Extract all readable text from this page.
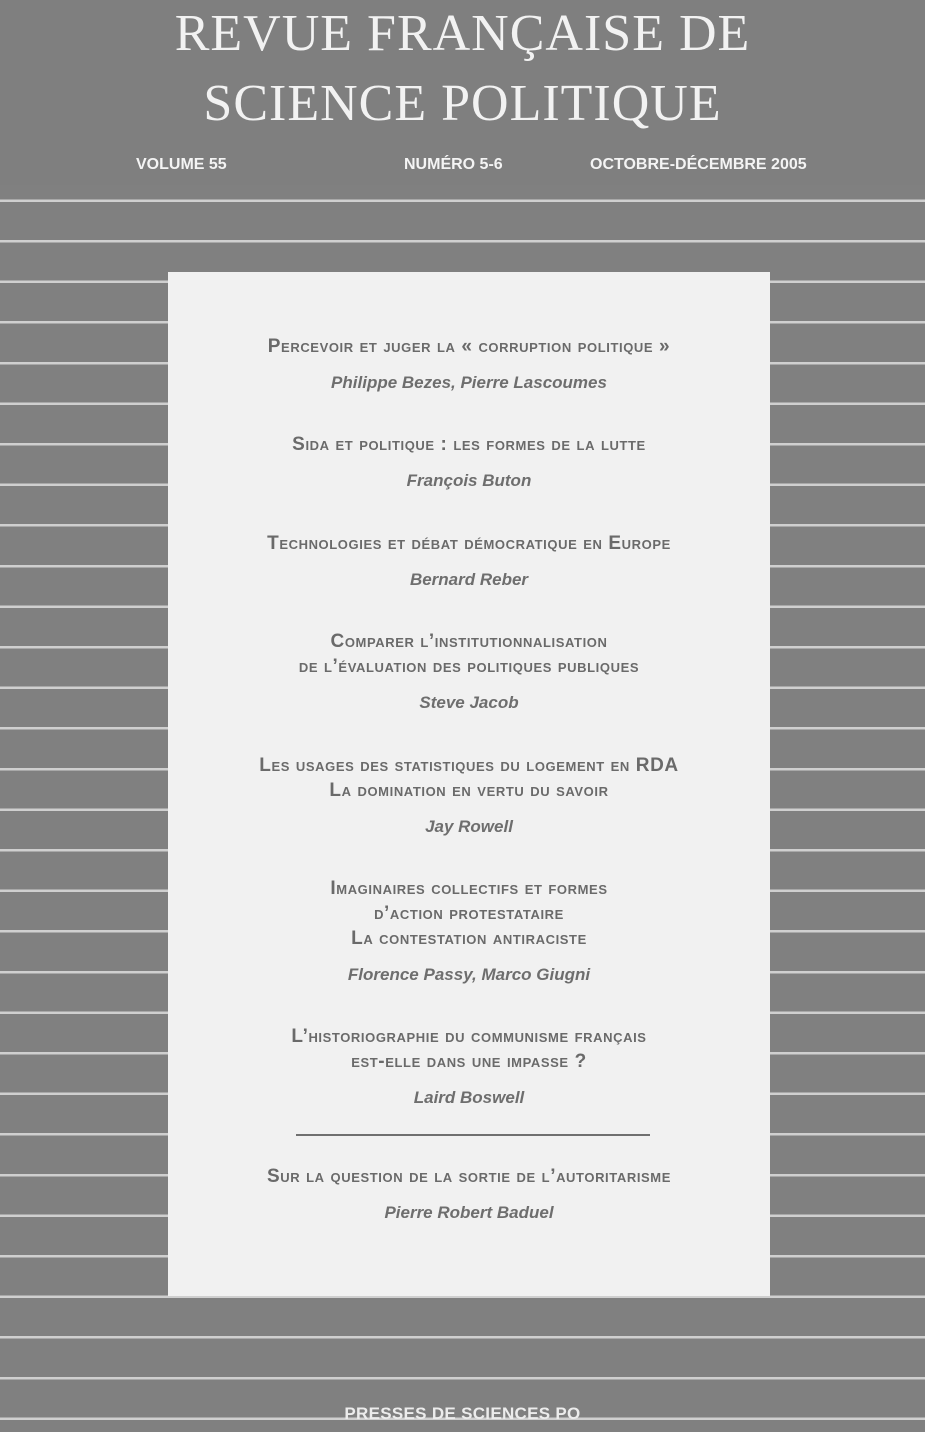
REVUE FRANÇAISE DE
SCIENCE POLITIQUE
VOLUME 55	NUMÉRO 5-6	OCTOBRE-DÉCEMBRE 2005
Percevoir et juger la « corruption politique »
Philippe Bezes, Pierre Lascoumes
Sida et politique : les formes de la lutte
François Buton
Technologies et débat démocratique en Europe
Bernard Reber
Comparer l’institutionnalisation
de l’évaluation des politiques publiques
Steve Jacob
Les usages des statistiques du logement en RDA
La domination en vertu du savoir
Jay Rowell
Imaginaires collectifs et formes
d’action protestataire
La contestation antiraciste
Florence Passy, Marco Giugni
L’historiographie du communisme français
est-elle dans une impasse ?
Laird Boswell
Sur la question de la sortie de l’autoritarisme
Pierre Robert Baduel
PRESSES DE SCIENCES PO
